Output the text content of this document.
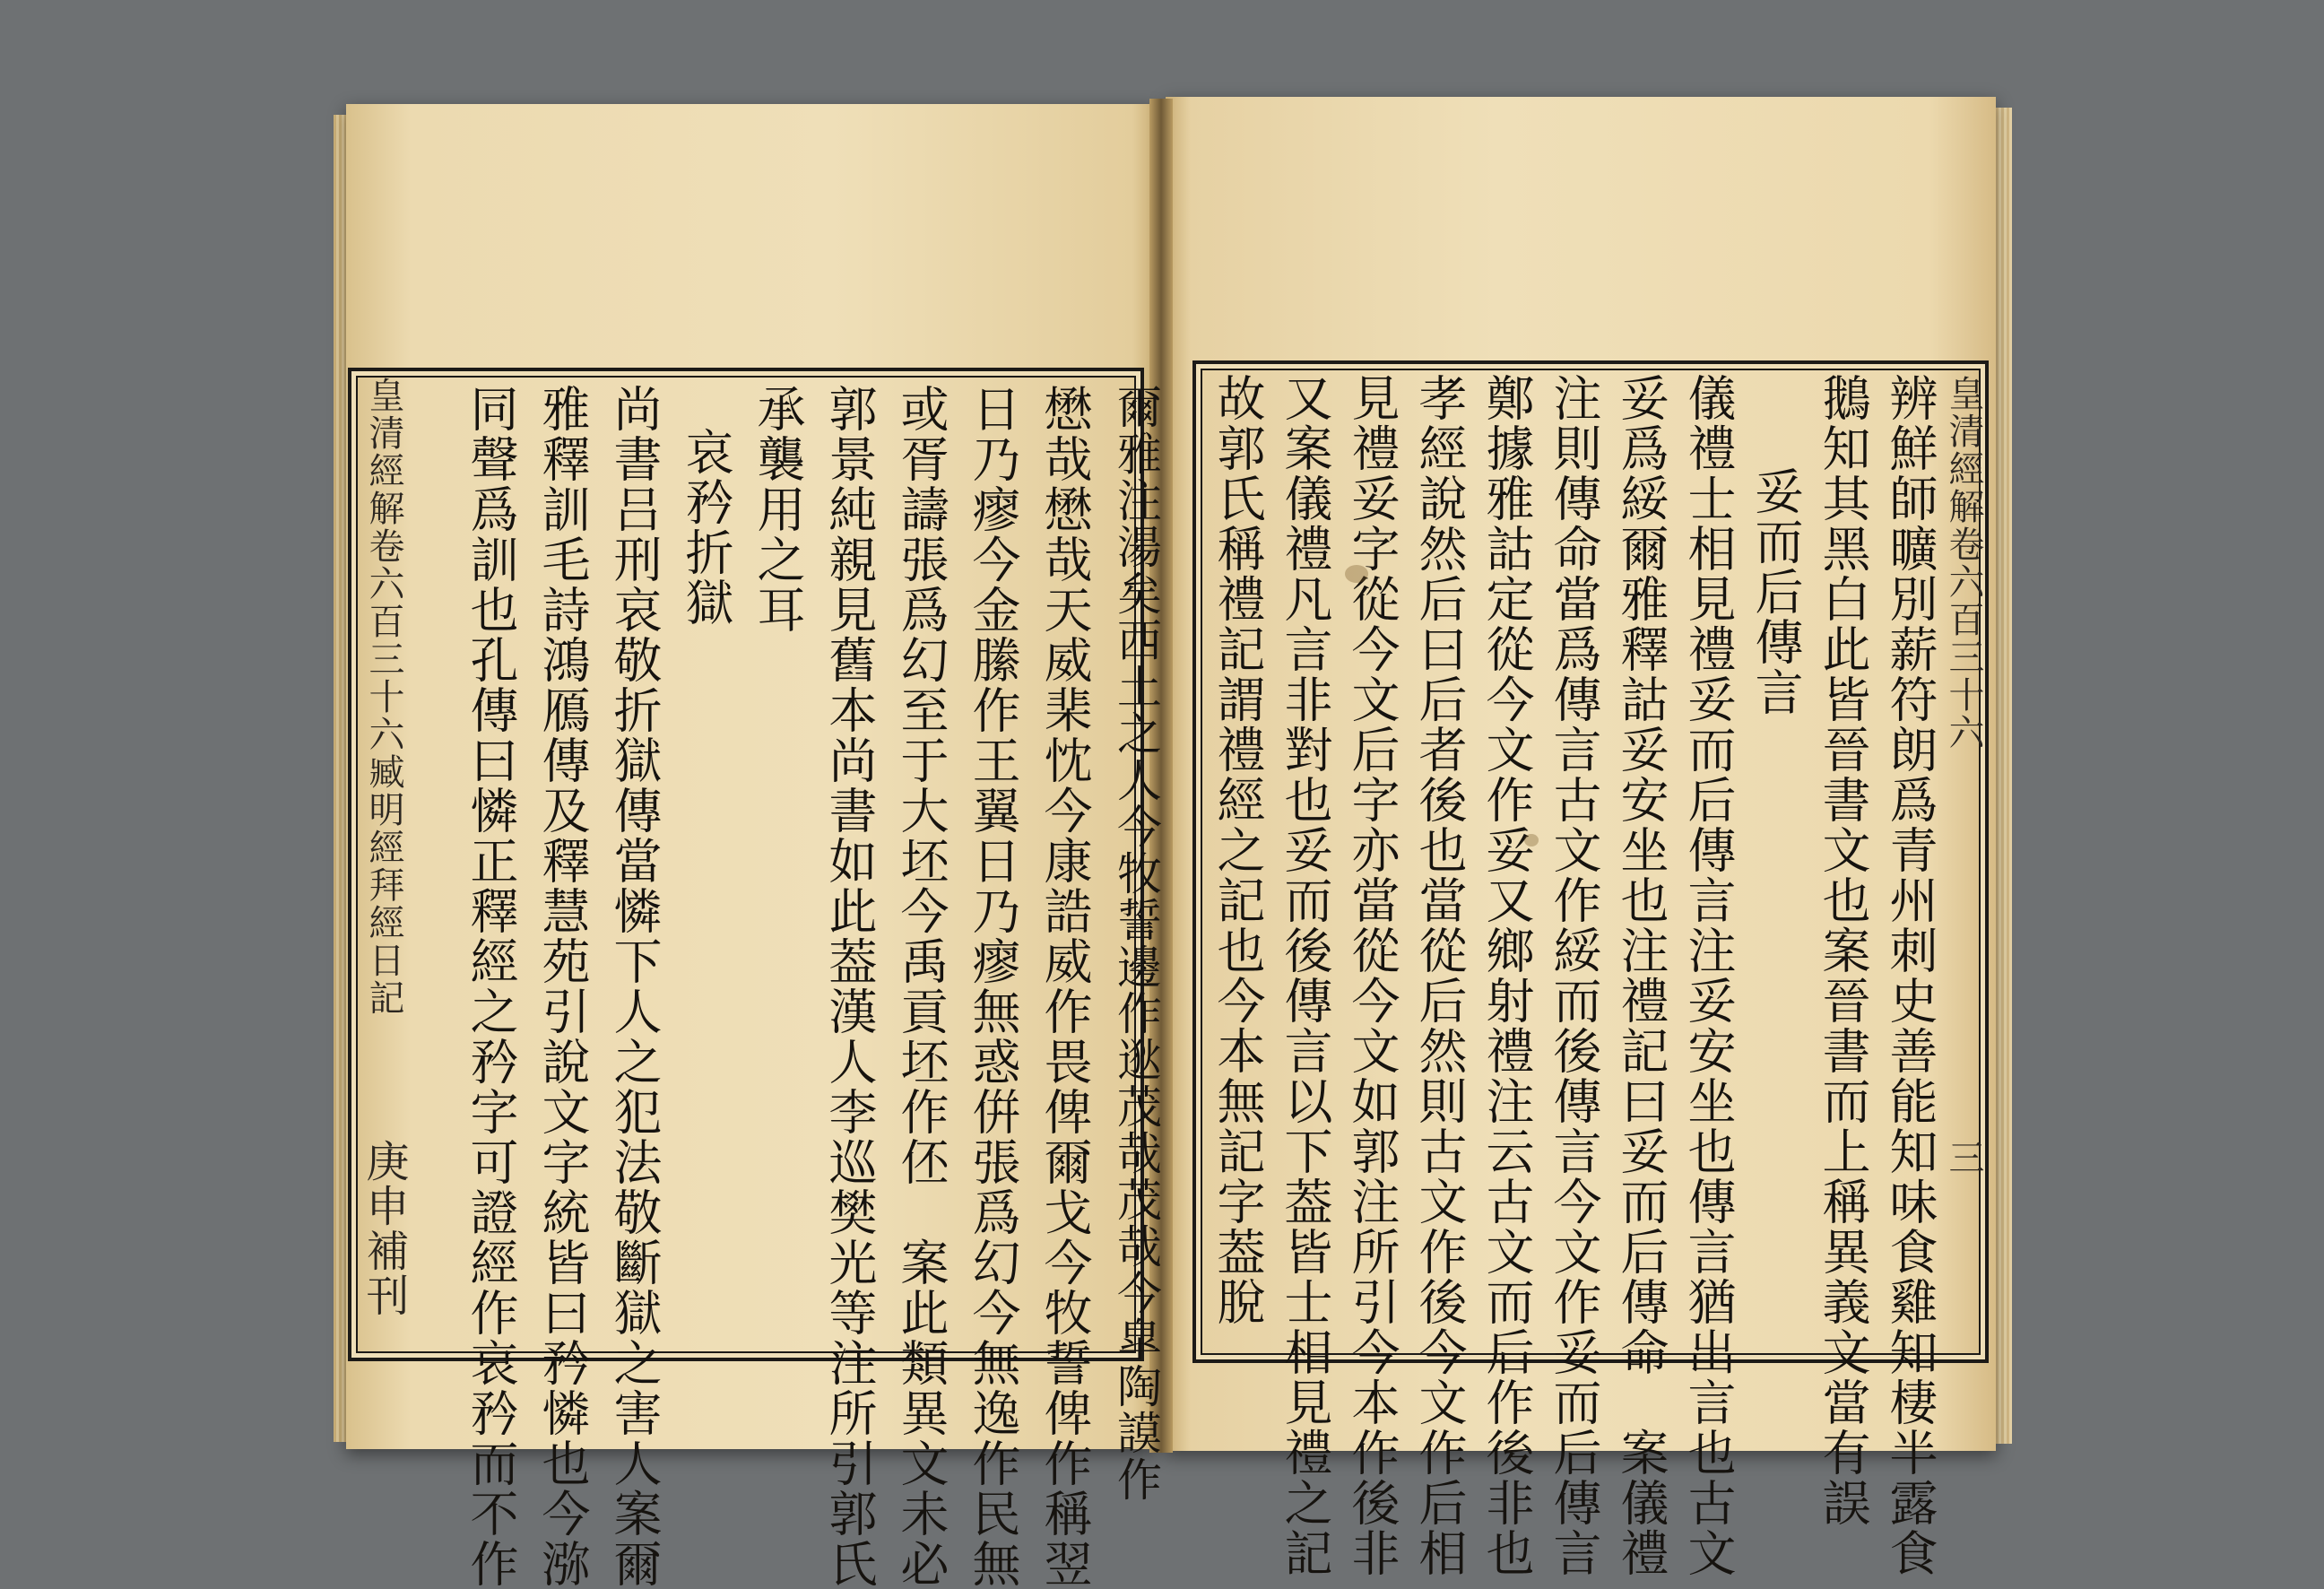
皇清經解卷六百三十六臧明經拜經日記
庚申補刊 同聲爲訓也孔傳曰憐正釋經之矜字可證經作哀矜而不作 雅釋訓毛詩鴻鴈傳及釋慧苑引說文字統皆曰矜憐也今㳽 尚書吕刑哀敬折獄傳當憐下人之犯法敬斷獄之害人案爾 哀矜折獄 承襲用之耳 郭景純親見舊本尚書如此葢漢人李巡樊光等注所引郭氏 或胥譸張爲幻至于大坯今禹貢坯作伾　案此類異文未必 日乃瘳今金縢作王翼日乃瘳無惑倂張爲幻今無逸作民無 懋哉懋哉天威棐忱今康誥威作畏俾爾戈今牧誓俾作稱翌 爾雅注湯矣西土之人今牧誓邊作逖茂哉茂哉今皐陶謨作 故郭氏稱禮記謂禮經之記也今本無記字葢脫 又案儀禮凡言非對也妥而後傳言以下葢皆士相見禮之記 見禮妥字從今文后字亦當從今文如郭注所引今本作後非 孝經說然后曰后者後也當從后然則古文作後今文作后相 鄭據雅詁定從今文作妥又鄉射禮注云古文而后作後非也 注則傳命當爲傳言古文作綏而後傳言今文作妥而后傳言 妥爲綏爾雅釋詁妥安坐也注禮記曰妥而后傳命　案儀禮 儀禮士相見禮妥而后傳言注妥安坐也傳言猶出言也古文 妥而后傳言 鵝知其黑白此皆晉書文也案晉書而上稱異義文當有誤 辨鮮師曠別薪符朗爲青州刺史善能知味食雞知棲半露食 皇清經解卷六百三十六
三
